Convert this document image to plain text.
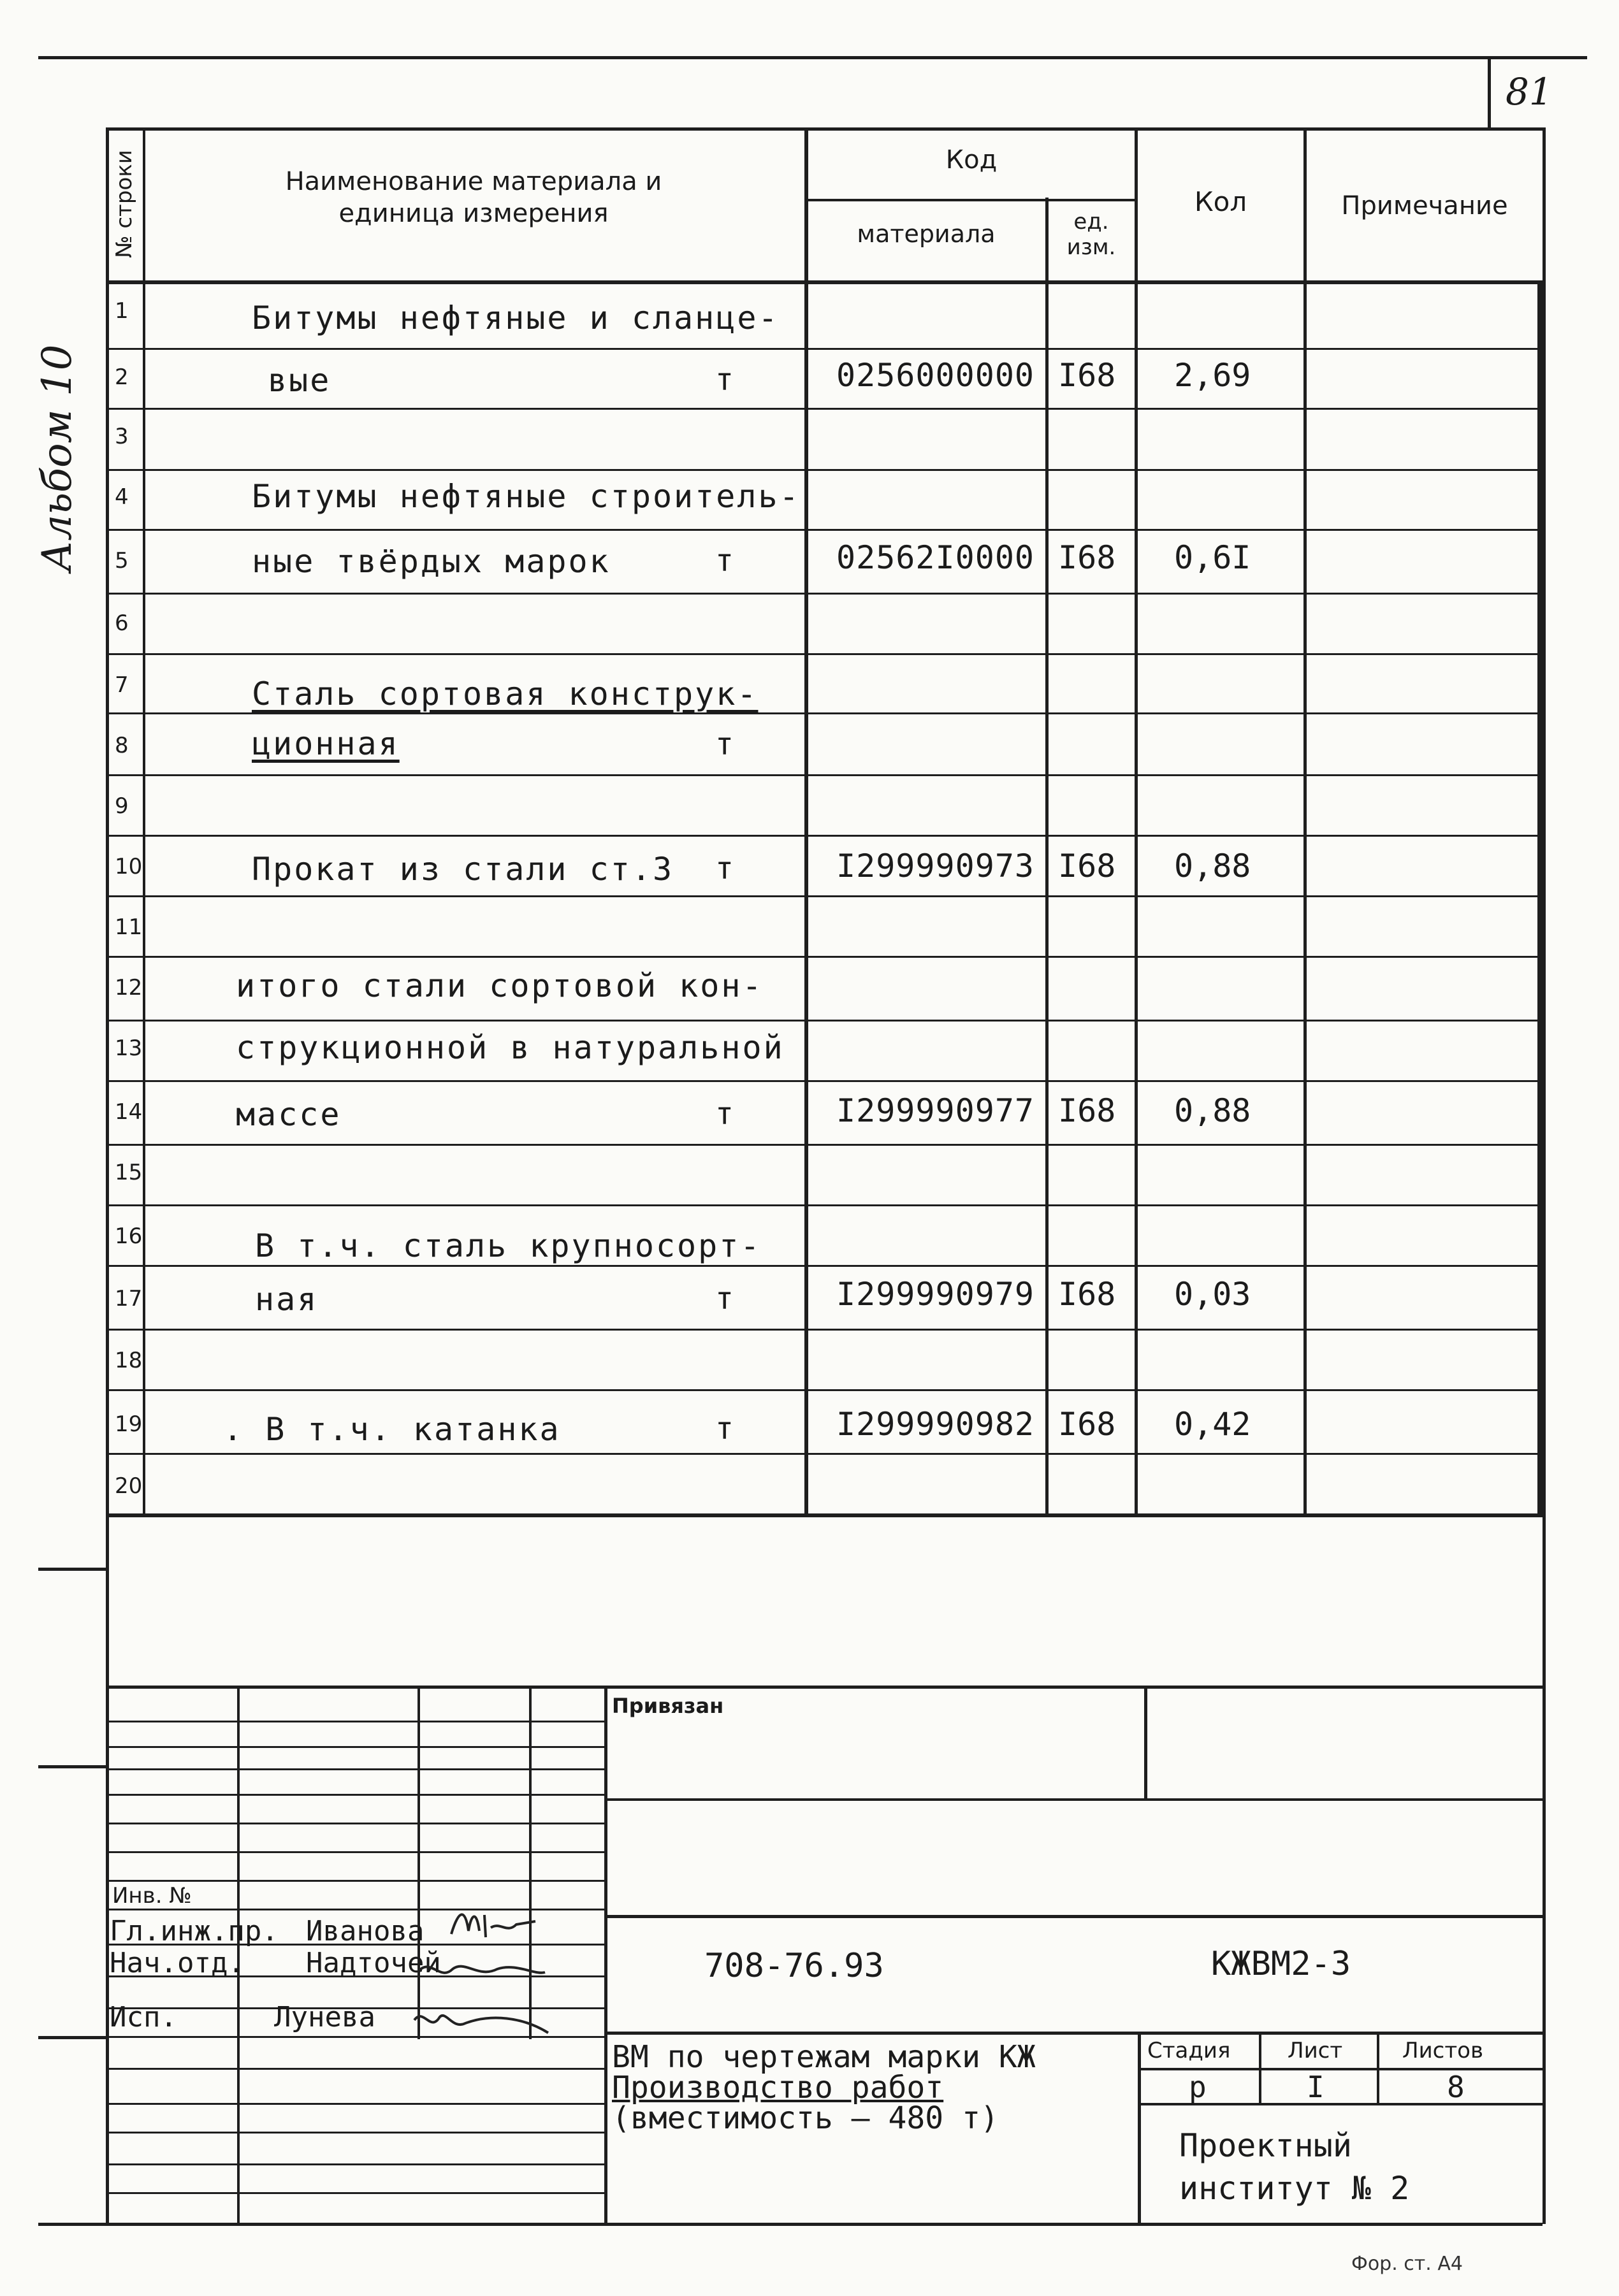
81
Альбом 10
№ строки	Наименование материала и
единица измерения
Код
материала	ед.
изм.
Кол	Примечание
1	Битумы нефтяные и сланце-
2	вые	т	0256000000 I68 2,69
3
4	Битумы нефтяные строитель-
5	ные твёрдых марок	т	02562I0000 I68 0,6I
6
7	Сталь сортовая конструк-
8	ционная	т
9
10	Прокат из стали ст.3 т	I299990973 I68 0,88
11
12	итого стали сортовой кон-
13	струкционной в натуральной
14	массе	т	I299990977 I68 0,88
15
16	В т.ч. сталь крупносорт-
17	ная	т	I299990979 I68 0,03
18
19	. В т.ч. катанка	т	I299990982 I68 0,42
20
Привязан
Инв. №
Гл.инж.пр. Иванова
Нач.отд. Надточей
Исп.	Лунева
708-76.93	КЖВМ2-3
ВМ по чертежам марки КЖ
Производство работ
(вместимость – 480 т)
Стадия	Лист	Листов
р	I	8
Проектный
институт № 2
Фор. ст. А4
